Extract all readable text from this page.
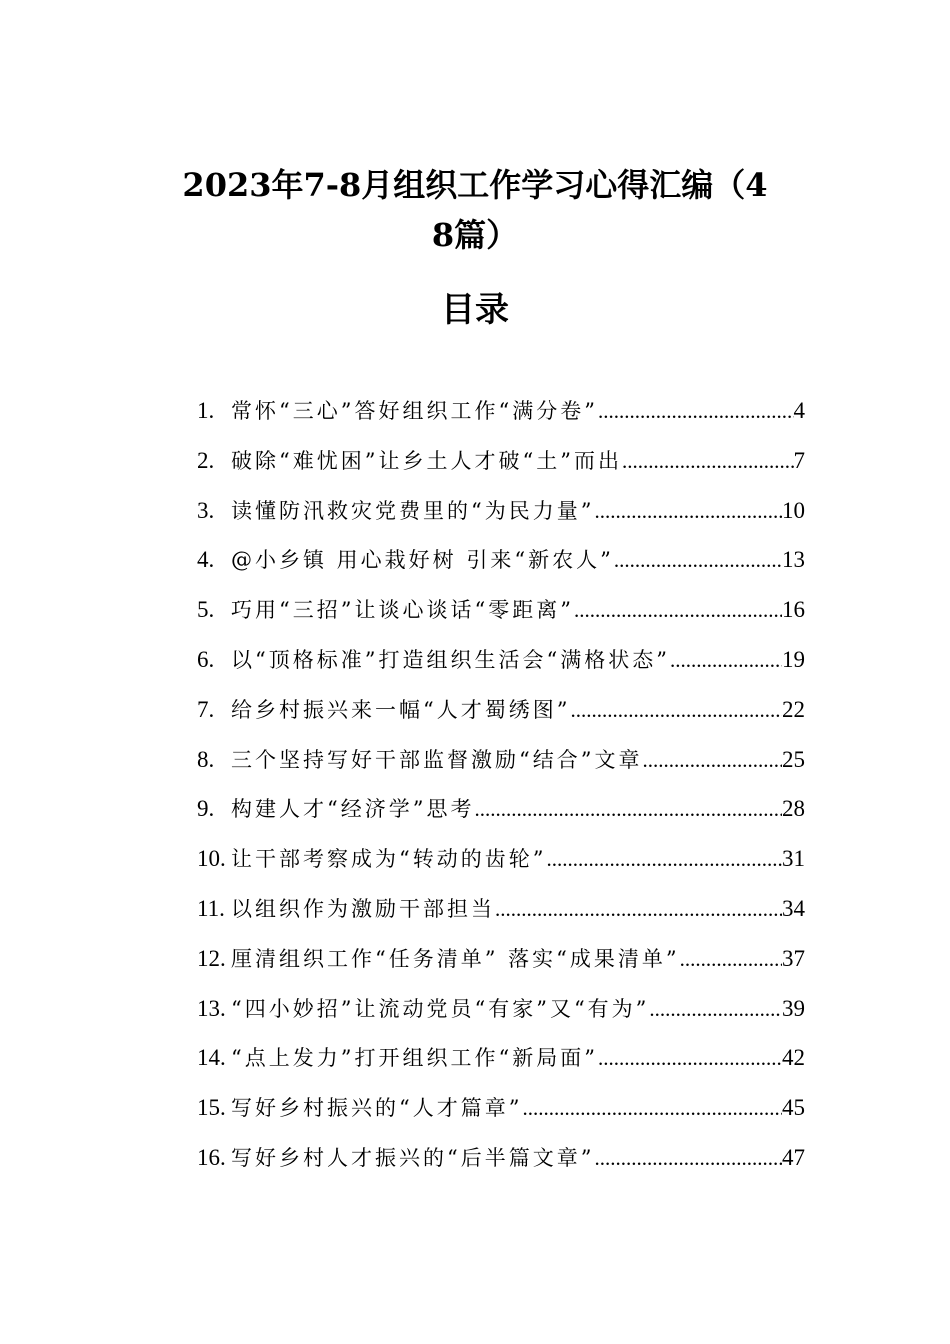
2023年7-8月组织工作学习心得汇编（4
8篇）
目录
1. 常怀“三心”答好组织工作“满分卷” .....	4
2. 破除“难忧困”让乡土人才破“土”而出 .....	7
3. 读懂防汛救灾党费里的“为民力量” .....	10
4. @小乡镇 用心栽好树 引来“新农人” .....	13
5. 巧用“三招”让谈心谈话“零距离” .....	16
6. 以“顶格标准”打造组织生活会“满格状态” .....	19
7. 给乡村振兴来一幅“人才蜀绣图” .....	22
8. 三个坚持写好干部监督激励“结合”文章 .....	25
9. 构建人才“经济学”思考 .....	28
10. 让干部考察成为“转动的齿轮” .....	31
11. 以组织作为激励干部担当 .....	34
12. 厘清组织工作“任务清单” 落实“成果清单” .....	37
13. “四小妙招”让流动党员“有家”又“有为” .....	39
14. “点上发力”打开组织工作“新局面” .....	42
15. 写好乡村振兴的“人才篇章” .....	45
16. 写好乡村人才振兴的“后半篇文章” .....	47
